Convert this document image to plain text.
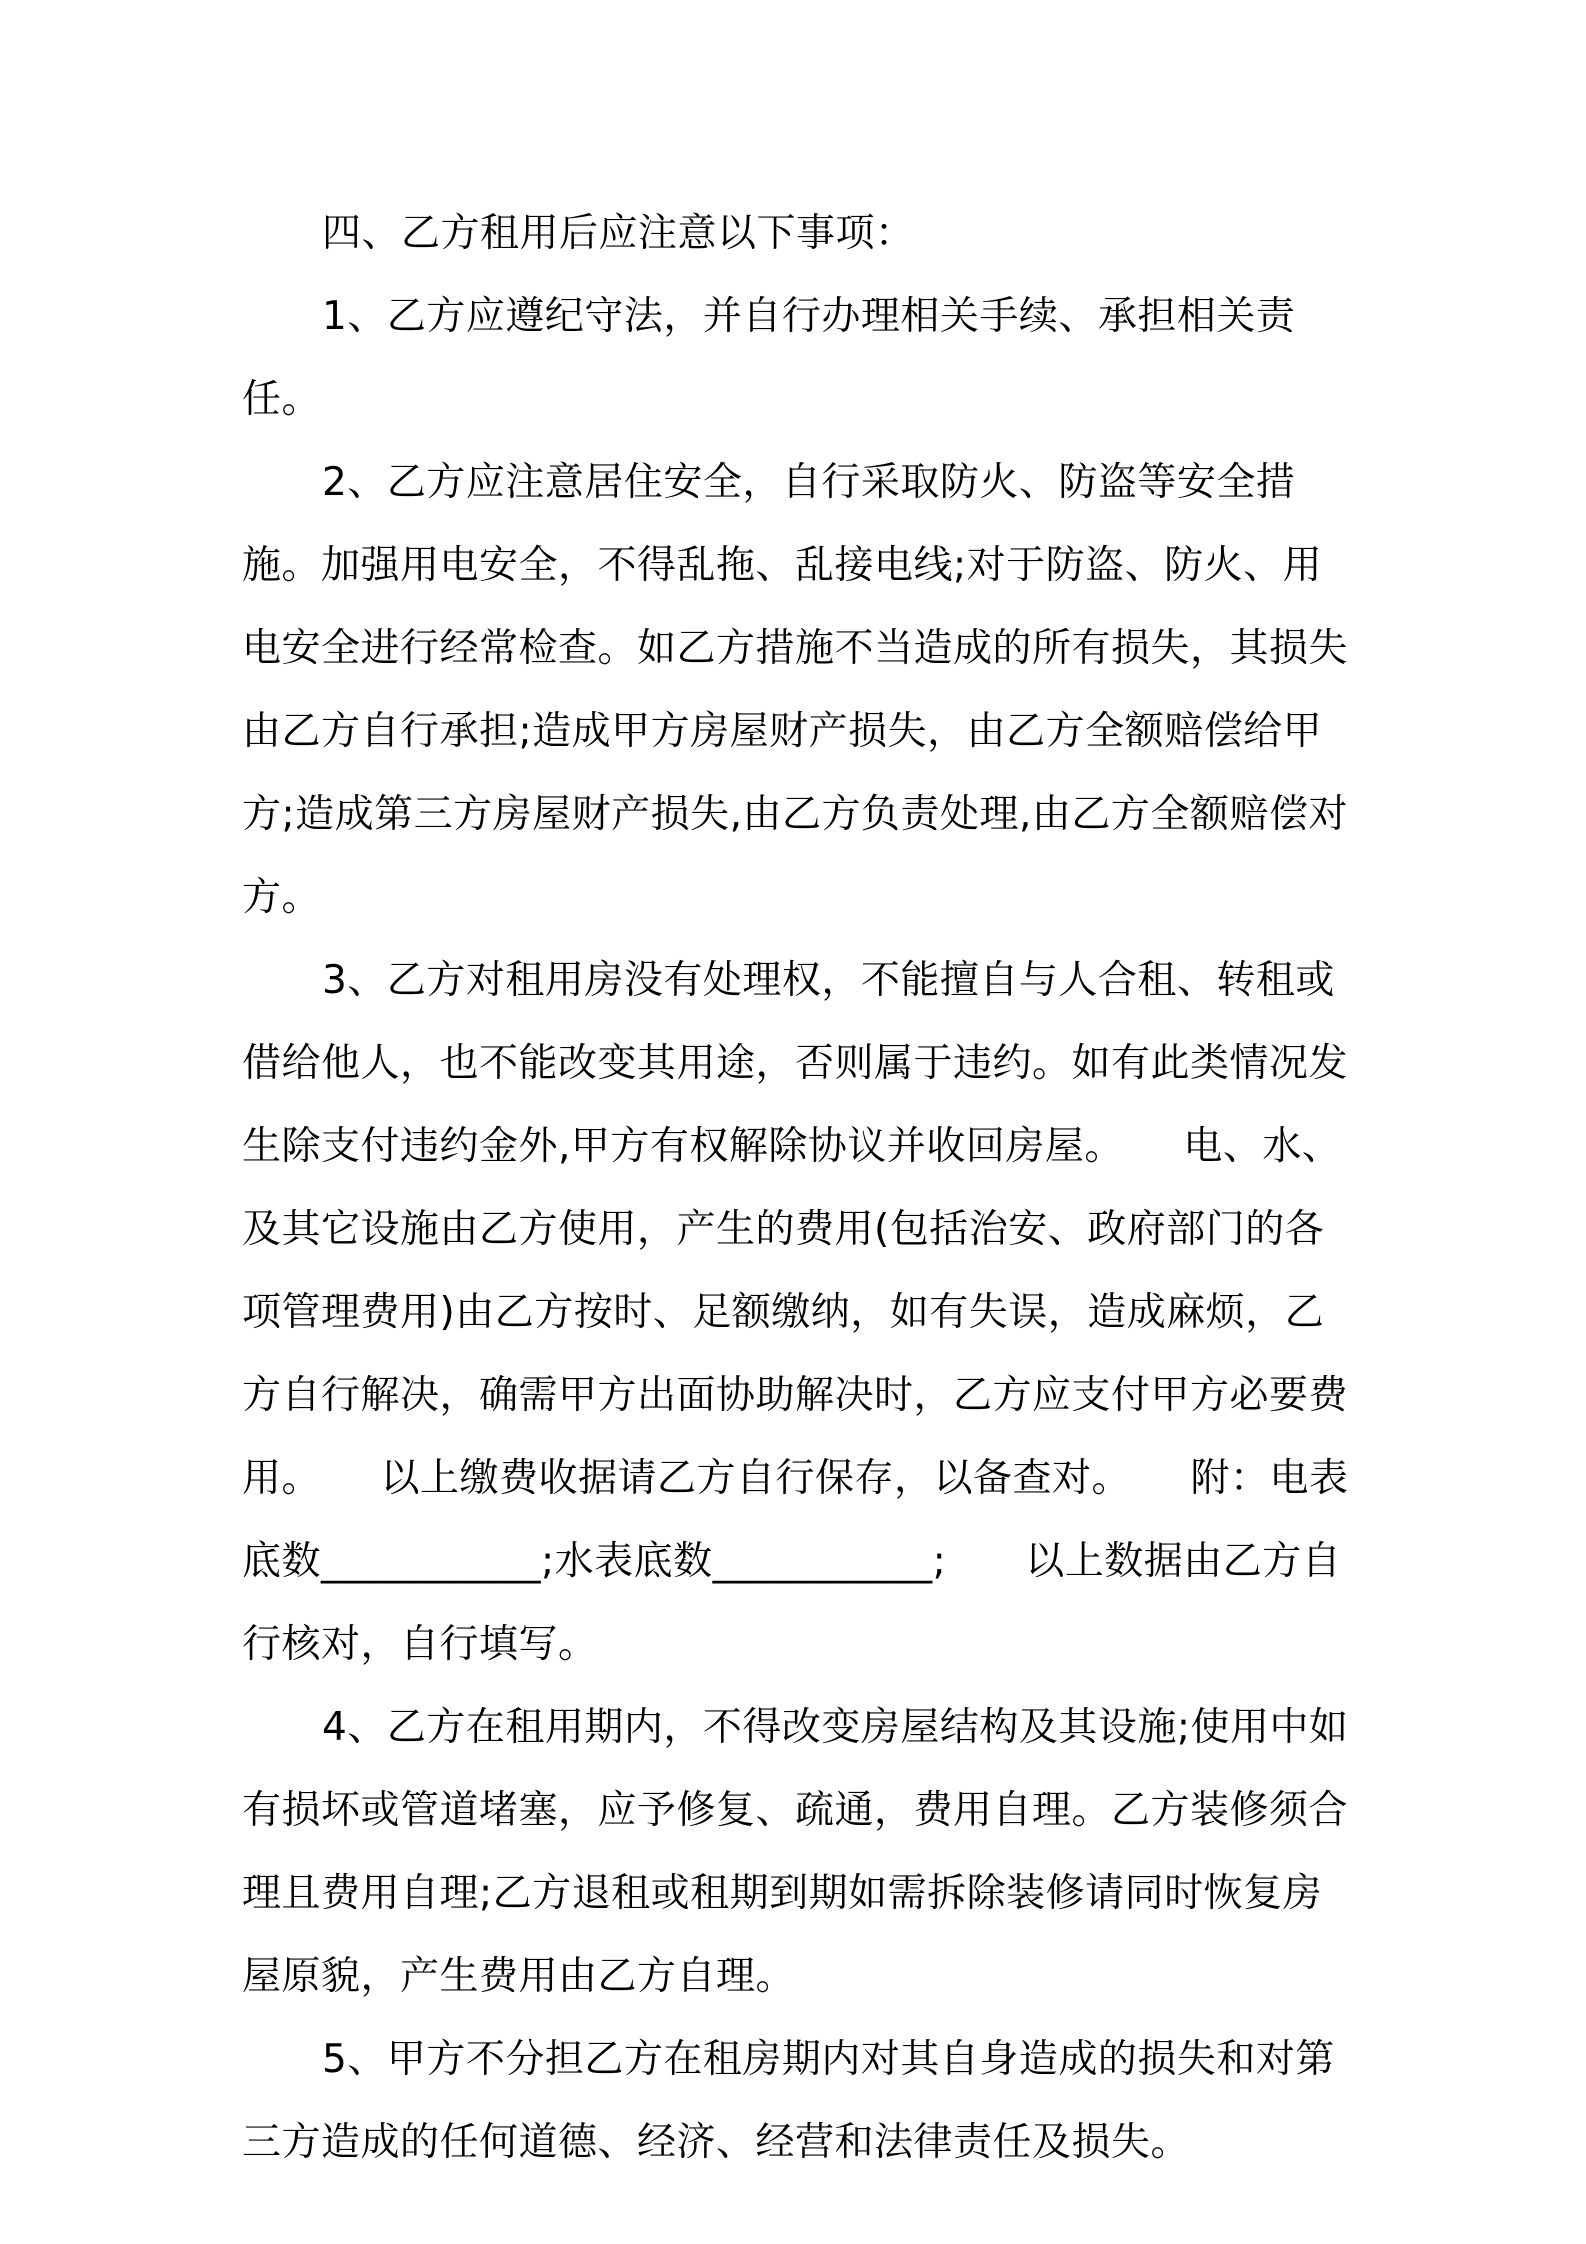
四、乙方租用后应注意以下事项：

1、乙方应遵纪守法，并自行办理相关手续、承担相关责任。

2、乙方应注意居住安全，自行采取防火、防盗等安全措施。加强用电安全，不得乱拖、乱接电线;对于防盗、防火、用电安全进行经常检查。如乙方措施不当造成的所有损失，其损失由乙方自行承担;造成甲方房屋财产损失，由乙方全额赔偿给甲方;造成第三方房屋财产损失,由乙方负责处理,由乙方全额赔偿对方。

3、乙方对租用房没有处理权，不能擅自与人合租、转租或借给他人，也不能改变其用途，否则属于违约。如有此类情况发生除支付违约金外,甲方有权解除协议并收回房屋。　　电、水、及其它设施由乙方使用，产生的费用(包括治安、政府部门的各项管理费用)由乙方按时、足额缴纳，如有失误，造成麻烦，乙方自行解决，确需甲方出面协助解决时，乙方应支付甲方必要费用。　　以上缴费收据请乙方自行保存，以备查对。　　附：电表底数___________;水表底数___________;　　以上数据由乙方自行核对，自行填写。

4、乙方在租用期内，不得改变房屋结构及其设施;使用中如有损坏或管道堵塞，应予修复、疏通，费用自理。乙方装修须合理且费用自理;乙方退租或租期到期如需拆除装修请同时恢复房屋原貌，产生费用由乙方自理。

5、甲方不分担乙方在租房期内对其自身造成的损失和对第三方造成的任何道德、经济、经营和法律责任及损失。
